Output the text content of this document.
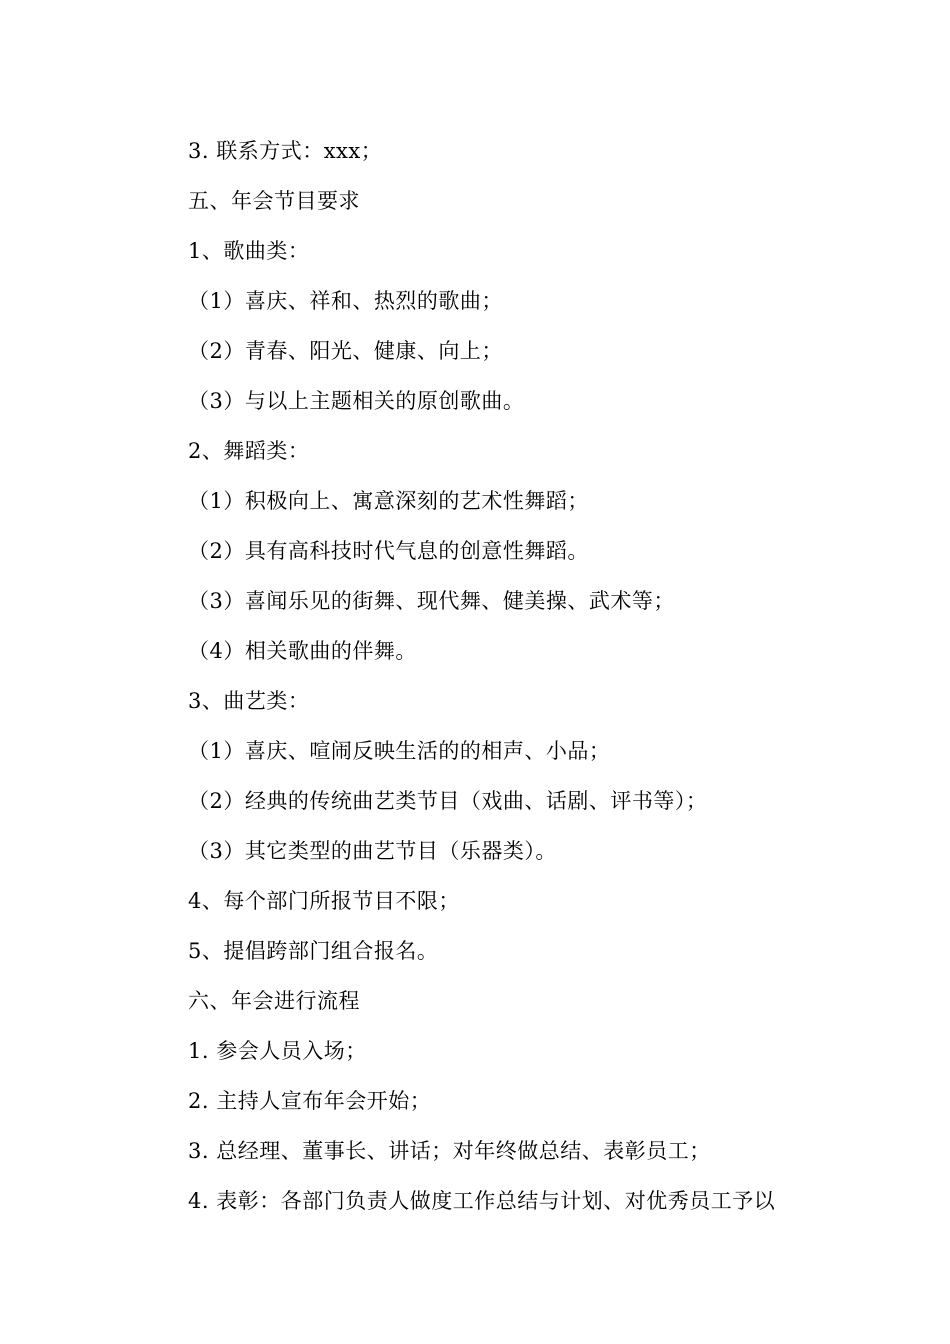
3. 联系方式：xxx；
五、年会节目要求
1、歌曲类：
（1）喜庆、祥和、热烈的歌曲；
（2）青春、阳光、健康、向上；
（3）与以上主题相关的原创歌曲。
2、舞蹈类：
（1）积极向上、寓意深刻的艺术性舞蹈；
（2）具有高科技时代气息的创意性舞蹈。
（3）喜闻乐见的街舞、现代舞、健美操、武术等；
（4）相关歌曲的伴舞。
3、曲艺类：
（1）喜庆、喧闹反映生活的的相声、小品；
（2）经典的传统曲艺类节目（戏曲、话剧、评书等）；
（3）其它类型的曲艺节目（乐器类）。
4、每个部门所报节目不限；
5、提倡跨部门组合报名。
六、年会进行流程
1. 参会人员入场；
2. 主持人宣布年会开始；
3. 总经理、董事长、讲话；对年终做总结、表彰员工；
4. 表彰：各部门负责人做度工作总结与计划、对优秀员工予以
